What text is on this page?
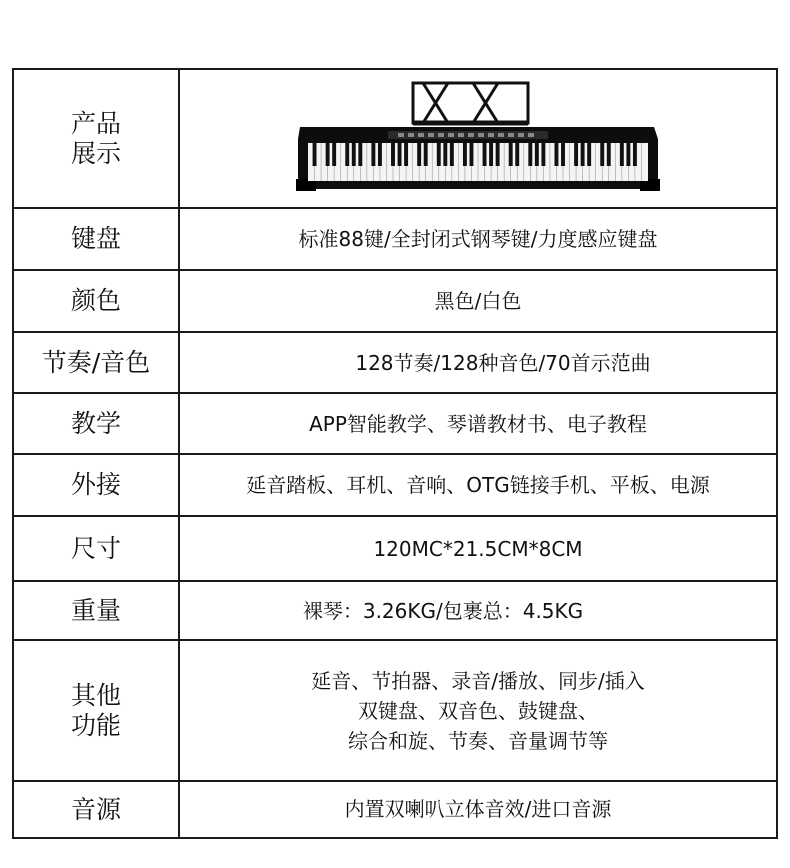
产品
展示

键盘	标准88键/全封闭式钢琴键/力度感应键盘

颜色	黑色/白色

节奏/音色	128节奏/128种音色/70首示范曲

教学	APP智能教学、琴谱教材书、电子教程

外接	延音踏板、耳机、音响、OTG链接手机、平板、电源

尺寸	120MC*21.5CM*8CM

重量	裸琴：3.26KG/包裹总：4.5KG

其他
功能	延音、节拍器、录音/播放、同步/插入
双键盘、双音色、鼓键盘、
综合和旋、节奏、音量调节等

音源	内置双喇叭立体音效/进口音源
